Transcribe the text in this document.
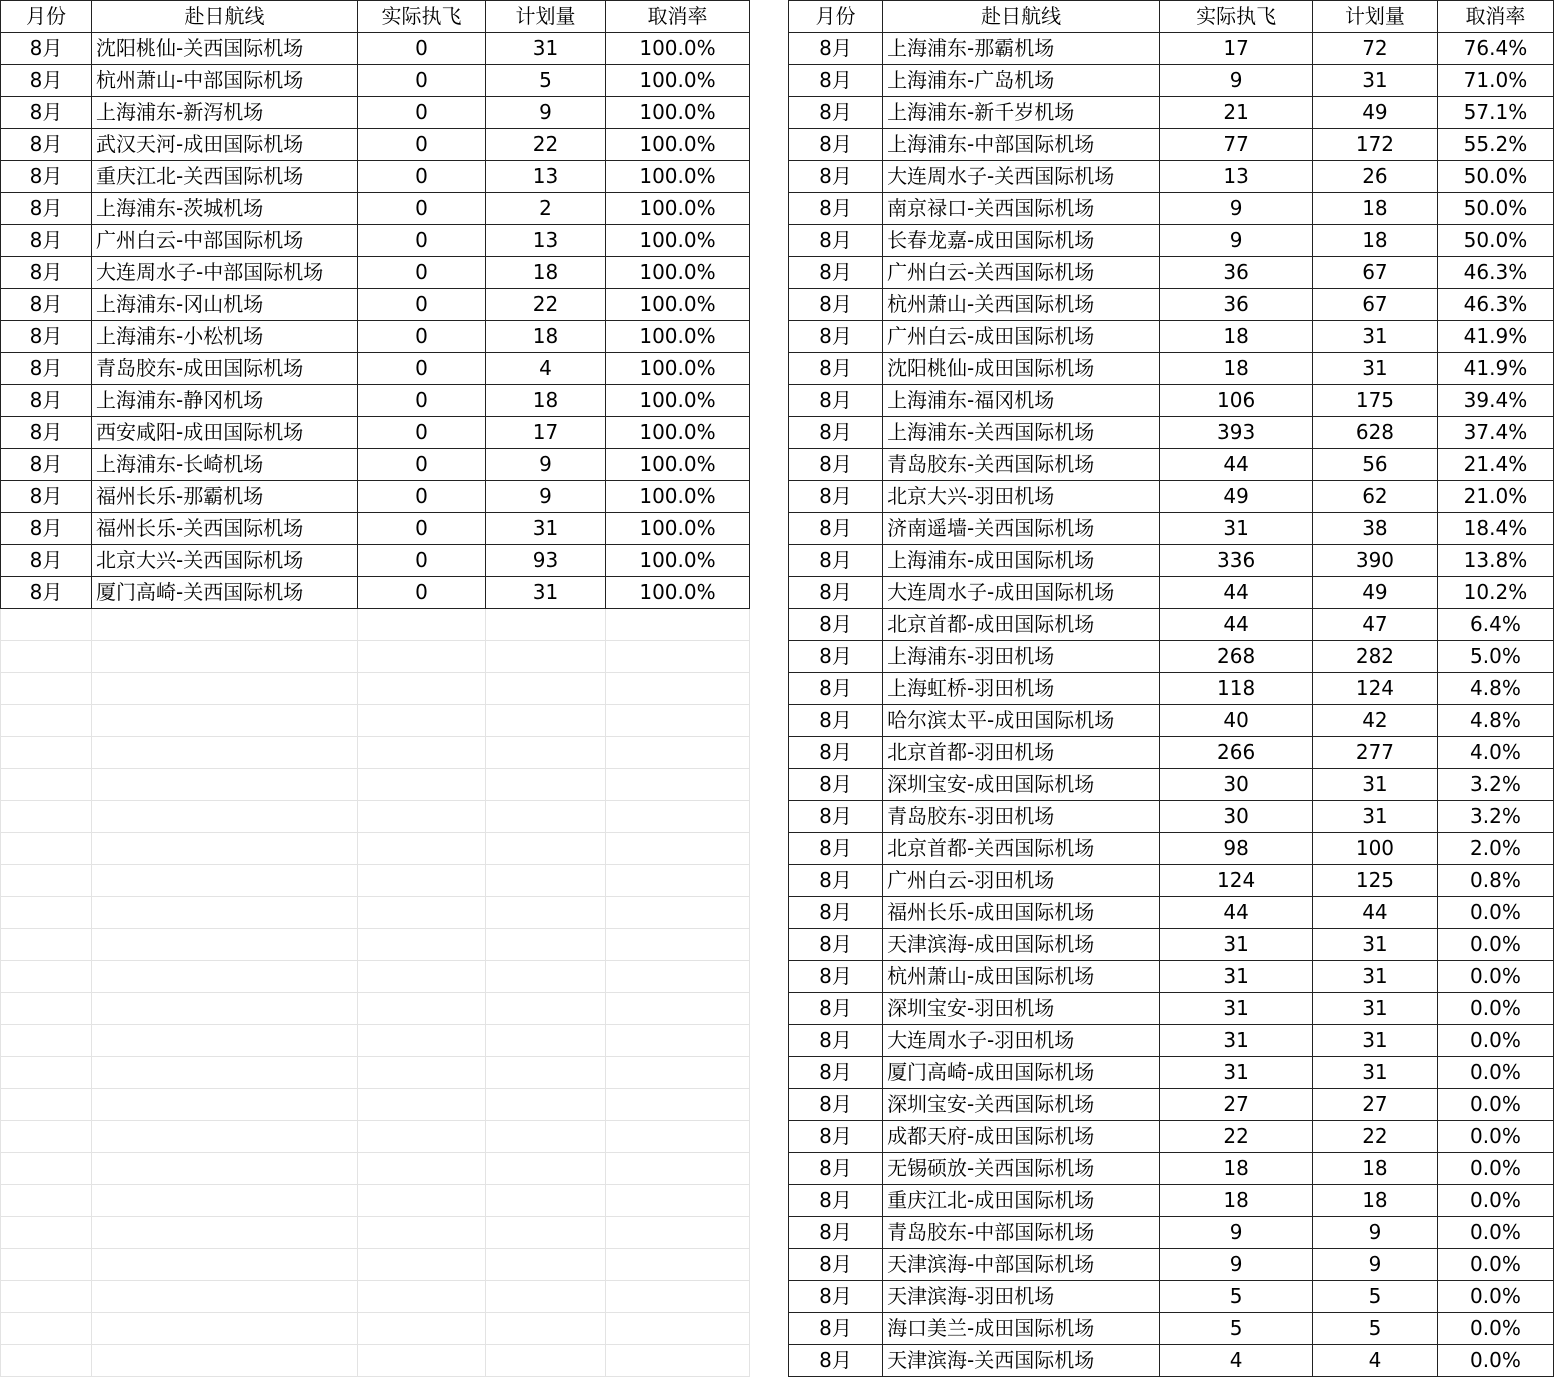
月份	赴日航线	实际执飞	计划量	取消率
8月	沈阳桃仙-关西国际机场	0	31	100.0%
8月	杭州萧山-中部国际机场	0	5	100.0%
8月	上海浦东-新泻机场	0	9	100.0%
8月	武汉天河-成田国际机场	0	22	100.0%
8月	重庆江北-关西国际机场	0	13	100.0%
8月	上海浦东-茨城机场	0	2	100.0%
8月	广州白云-中部国际机场	0	13	100.0%
8月	大连周水子-中部国际机场	0	18	100.0%
8月	上海浦东-冈山机场	0	22	100.0%
8月	上海浦东-小松机场	0	18	100.0%
8月	青岛胶东-成田国际机场	0	4	100.0%
8月	上海浦东-静冈机场	0	18	100.0%
8月	西安咸阳-成田国际机场	0	17	100.0%
8月	上海浦东-长崎机场	0	9	100.0%
8月	福州长乐-那霸机场	0	9	100.0%
8月	福州长乐-关西国际机场	0	31	100.0%
8月	北京大兴-关西国际机场	0	93	100.0%
8月	厦门高崎-关西国际机场	0	31	100.0%

月份	赴日航线	实际执飞	计划量	取消率
8月	上海浦东-那霸机场	17	72	76.4%
8月	上海浦东-广岛机场	9	31	71.0%
8月	上海浦东-新千岁机场	21	49	57.1%
8月	上海浦东-中部国际机场	77	172	55.2%
8月	大连周水子-关西国际机场	13	26	50.0%
8月	南京禄口-关西国际机场	9	18	50.0%
8月	长春龙嘉-成田国际机场	9	18	50.0%
8月	广州白云-关西国际机场	36	67	46.3%
8月	杭州萧山-关西国际机场	36	67	46.3%
8月	广州白云-成田国际机场	18	31	41.9%
8月	沈阳桃仙-成田国际机场	18	31	41.9%
8月	上海浦东-福冈机场	106	175	39.4%
8月	上海浦东-关西国际机场	393	628	37.4%
8月	青岛胶东-关西国际机场	44	56	21.4%
8月	北京大兴-羽田机场	49	62	21.0%
8月	济南遥墙-关西国际机场	31	38	18.4%
8月	上海浦东-成田国际机场	336	390	13.8%
8月	大连周水子-成田国际机场	44	49	10.2%
8月	北京首都-成田国际机场	44	47	6.4%
8月	上海浦东-羽田机场	268	282	5.0%
8月	上海虹桥-羽田机场	118	124	4.8%
8月	哈尔滨太平-成田国际机场	40	42	4.8%
8月	北京首都-羽田机场	266	277	4.0%
8月	深圳宝安-成田国际机场	30	31	3.2%
8月	青岛胶东-羽田机场	30	31	3.2%
8月	北京首都-关西国际机场	98	100	2.0%
8月	广州白云-羽田机场	124	125	0.8%
8月	福州长乐-成田国际机场	44	44	0.0%
8月	天津滨海-成田国际机场	31	31	0.0%
8月	杭州萧山-成田国际机场	31	31	0.0%
8月	深圳宝安-羽田机场	31	31	0.0%
8月	大连周水子-羽田机场	31	31	0.0%
8月	厦门高崎-成田国际机场	31	31	0.0%
8月	深圳宝安-关西国际机场	27	27	0.0%
8月	成都天府-成田国际机场	22	22	0.0%
8月	无锡硕放-关西国际机场	18	18	0.0%
8月	重庆江北-成田国际机场	18	18	0.0%
8月	青岛胶东-中部国际机场	9	9	0.0%
8月	天津滨海-中部国际机场	9	9	0.0%
8月	天津滨海-羽田机场	5	5	0.0%
8月	海口美兰-成田国际机场	5	5	0.0%
8月	天津滨海-关西国际机场	4	4	0.0%
